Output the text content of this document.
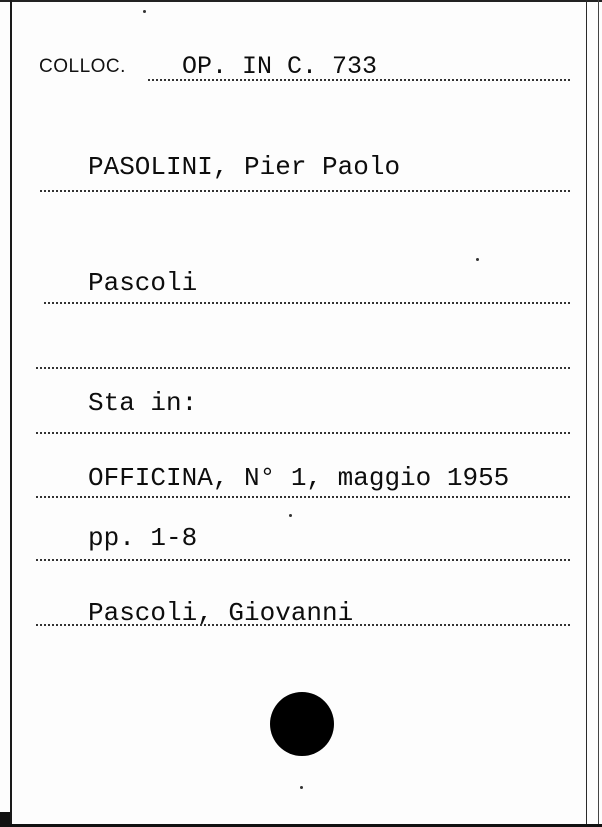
COLLOC. OP. IN C. 733
PASOLINI, Pier Paolo
Pascoli
Sta in:
OFFICINA, N° 1, maggio 1955
pp. 1-8
Pascoli, Giovanni
